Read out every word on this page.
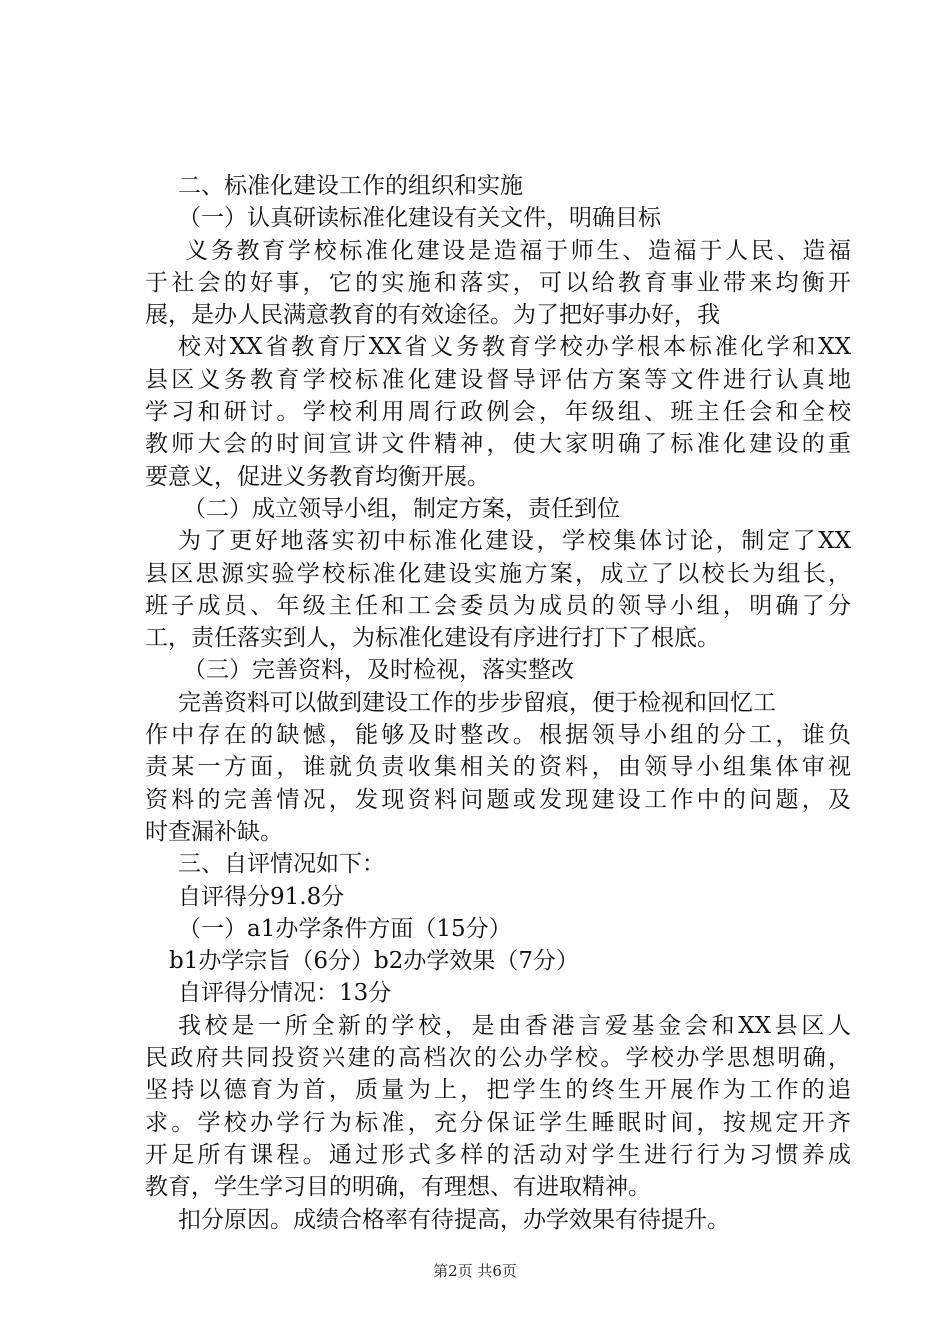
二、标准化建设工作的组织和实施
（一）认真研读标准化建设有关文件，明确目标
义务教育学校标准化建设是造福于师生、造福于人民、造福
于社会的好事，它的实施和落实，可以给教育事业带来均衡开
展，是办人民满意教育的有效途径。为了把好事办好，我
校对XX省教育厅XX省义务教育学校办学根本标准化学和XX
县区义务教育学校标准化建设督导评估方案等文件进行认真地
学习和研讨。学校利用周行政例会，年级组、班主任会和全校
教师大会的时间宣讲文件精神，使大家明确了标准化建设的重
要意义，促进义务教育均衡开展。
（二）成立领导小组，制定方案，责任到位
为了更好地落实初中标准化建设，学校集体讨论，制定了XX
县区思源实验学校标准化建设实施方案，成立了以校长为组长，
班子成员、年级主任和工会委员为成员的领导小组，明确了分
工，责任落实到人，为标准化建设有序进行打下了根底。
（三）完善资料，及时检视，落实整改
完善资料可以做到建设工作的步步留痕，便于检视和回忆工
作中存在的缺憾，能够及时整改。根据领导小组的分工，谁负
责某一方面，谁就负责收集相关的资料，由领导小组集体审视
资料的完善情况，发现资料问题或发现建设工作中的问题，及
时查漏补缺。
三、自评情况如下：
自评得分91.8分
（一）a1办学条件方面（15分）
b1办学宗旨（6分）b2办学效果（7分）
自评得分情况：13分
我校是一所全新的学校，是由香港言爱基金会和XX县区人
民政府共同投资兴建的高档次的公办学校。学校办学思想明确，
坚持以德育为首，质量为上，把学生的终生开展作为工作的追
求。学校办学行为标准，充分保证学生睡眠时间，按规定开齐
开足所有课程。通过形式多样的活动对学生进行行为习惯养成
教育，学生学习目的明确，有理想、有进取精神。
扣分原因。成绩合格率有待提高，办学效果有待提升。
第2页 共6页
